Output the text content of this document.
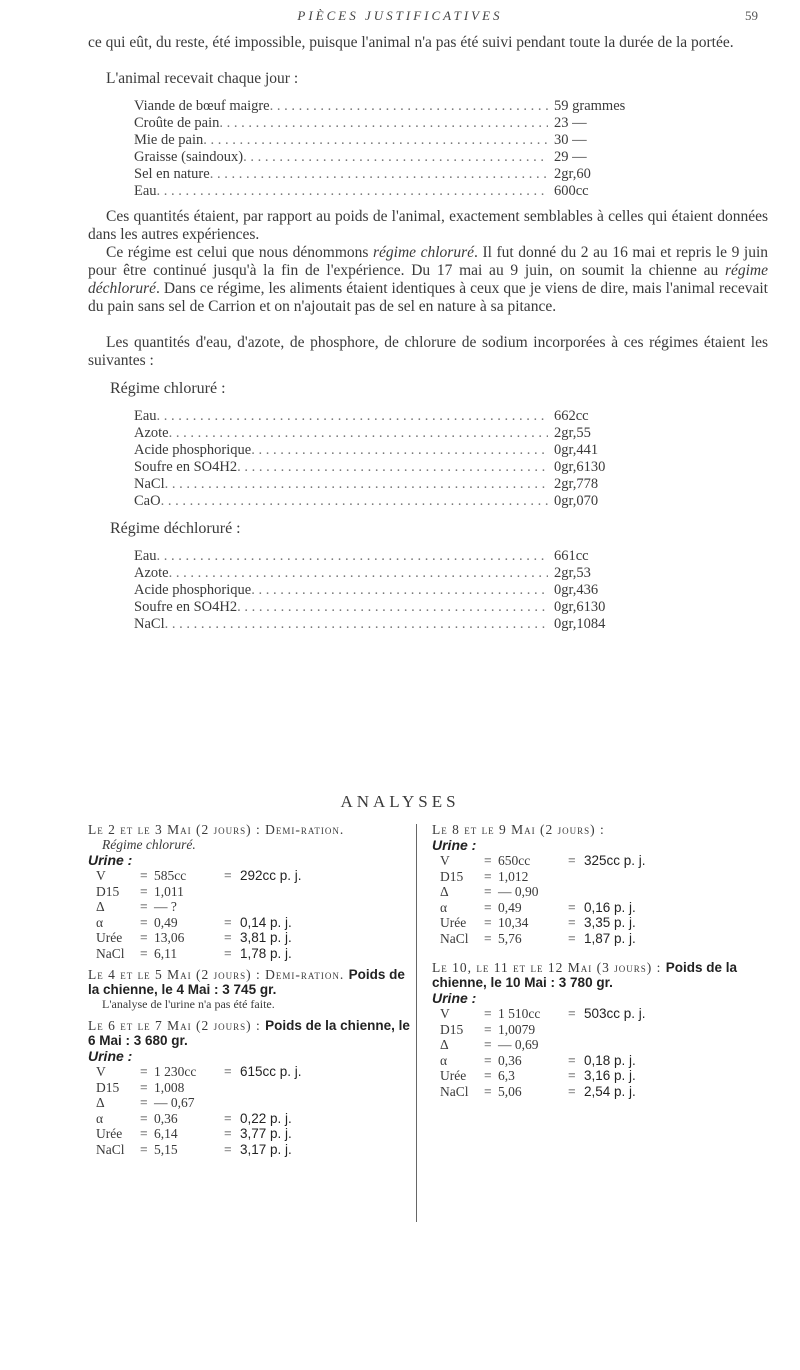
PIÈCES JUSTIFICATIVES	59

ce qui eût, du reste, été impossible, puisque l'animal n'a pas été suivi pendant toute la durée de la portée.

L'animal recevait chaque jour :

Viande de bœuf maigre . . .	59 grammes
Croûte de pain . . .	23 —
Mie de pain . . .	30 —
Graisse (saindoux) . . .	29 —
Sel en nature . . .	2gr,60
Eau . . .	600cc

Ces quantités étaient, par rapport au poids de l'animal, exactement semblables à celles qui étaient données dans les autres expériences.

Ce régime est celui que nous dénommons régime chloruré. Il fut donné du 2 au 16 mai et repris le 9 juin pour être continué jusqu'à la fin de l'expérience. Du 17 mai au 9 juin, on soumit la chienne au régime déchloruré. Dans ce régime, les aliments étaient identiques à ceux que je viens de dire, mais l'animal recevait du pain sans sel de Carrion et on n'ajoutait pas de sel en nature à sa pitance.

Les quantités d'eau, d'azote, de phosphore, de chlorure de sodium incorporées à ces régimes étaient les suivantes :

Régime chloruré :
Eau . . .	662cc
Azote . . .	2gr,55
Acide phosphorique . . .	0gr,441
Soufre en SO4H2 . . .	0gr,6130
NaCl . . .	2gr,778
CaO . . .	0gr,070
Régime déchloruré :
Eau . . .	661cc
Azote . . .	2gr,53
Acide phosphorique . . .	0gr,436
Soufre en SO4H2 . . .	0gr,6130
NaCl . . .	0gr,1084
ANALYSES

Le 2 et le 3 Mai (2 jours) : Demi-ration.

Régime chloruré.

Urine :
V	= 585cc	= 292cc p. j.
D15	= 1,011
Δ	= — ?
α	= 0,49	= 0,14 p. j.
Urée	= 13,06	= 3,81 p. j.
NaCl	= 6,11	= 1,78 p. j.

Le 4 et le 5 Mai (2 jours) : Demi-ration. Poids de la chienne, le 4 Mai : 3 745 gr.

L'analyse de l'urine n'a pas été faite.

Le 6 et le 7 Mai (2 jours) : Poids de la chienne, le 6 Mai : 3 680 gr.

Urine :
V	= 1 230cc	= 615cc p. j.
D15	= 1,008
Δ	= — 0,67
α	= 0,36	= 0,22 p. j.
Urée	= 6,14	= 3,77 p. j.
NaCl	= 5,15	= 3,17 p. j.

Le 8 et le 9 Mai (2 jours) :

Urine :
V	= 650cc	= 325cc p. j.
D15	= 1,012
Δ	= — 0,90
α	= 0,49	= 0,16 p. j.
Urée	= 10,34	= 3,35 p. j.
NaCl	= 5,76	= 1,87 p. j.

Le 10, le 11 et le 12 Mai (3 jours) : Poids de la chienne, le 10 Mai : 3 780 gr.

Urine :
V	= 1 510cc	= 503cc p. j.
D15	= 1,0079
Δ	= — 0,69
α	= 0,36	= 0,18 p. j.
Urée	= 6,3	= 3,16 p. j.
NaCl	= 5,06	= 2,54 p. j.
